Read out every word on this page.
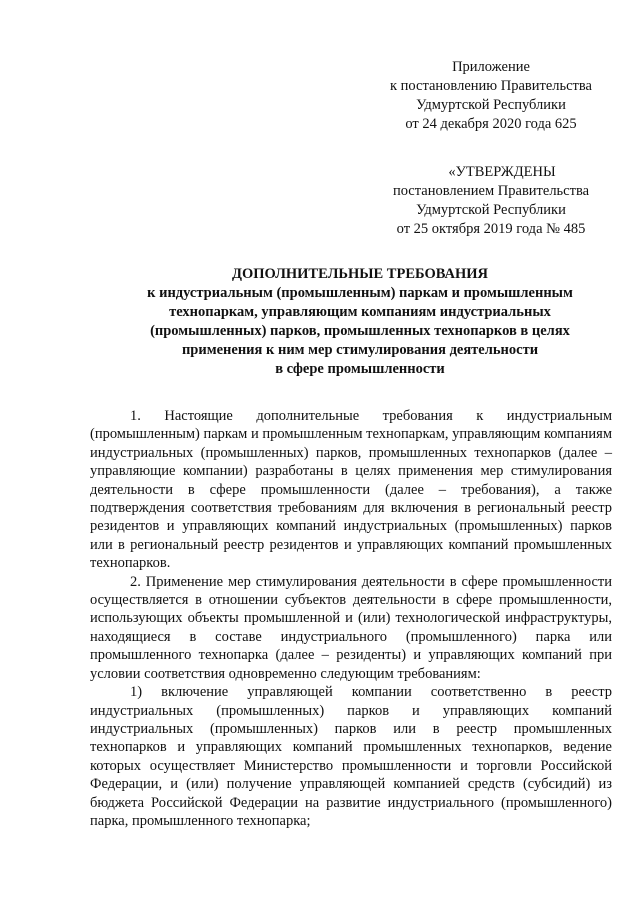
Приложение
к постановлению Правительства
Удмуртской Республики
от 24 декабря 2020 года 625
«УТВЕРЖДЕНЫ
постановлением Правительства
Удмуртской Республики
от 25 октября 2019 года № 485
ДОПОЛНИТЕЛЬНЫЕ ТРЕБОВАНИЯ
к индустриальным (промышленным) паркам и промышленным
технопаркам, управляющим компаниям индустриальных
(промышленных) парков, промышленных технопарков в целях
применения к ним мер стимулирования деятельности
в сфере промышленности

1. Настоящие дополнительные требования к индустриальным (промышленным) паркам и промышленным технопаркам, управляющим компаниям индустриальных (промышленных) парков, промышленных технопарков (далее – управляющие компании) разработаны в целях применения мер стимулирования деятельности в сфере промышленности (далее – требования), а также подтверждения соответствия требованиям для включения в региональный реестр резидентов и управляющих компаний индустриальных (промышленных) парков или в региональный реестр резидентов и управляющих компаний промышленных технопарков.

2. Применение мер стимулирования деятельности в сфере промышленности осуществляется в отношении субъектов деятельности в сфере промышленности, использующих объекты промышленной и (или) технологической инфраструктуры, находящиеся в составе индустриального (промышленного) парка или промышленного технопарка (далее – резиденты) и управляющих компаний при условии соответствия одновременно следующим требованиям:

1) включение управляющей компании соответственно в реестр индустриальных (промышленных) парков и управляющих компаний индустриальных (промышленных) парков или в реестр промышленных технопарков и управляющих компаний промышленных технопарков, ведение которых осуществляет Министерство промышленности и торговли Российской Федерации, и (или) получение управляющей компанией средств (субсидий) из бюджета Российской Федерации на развитие индустриального (промышленного) парка, промышленного технопарка;
